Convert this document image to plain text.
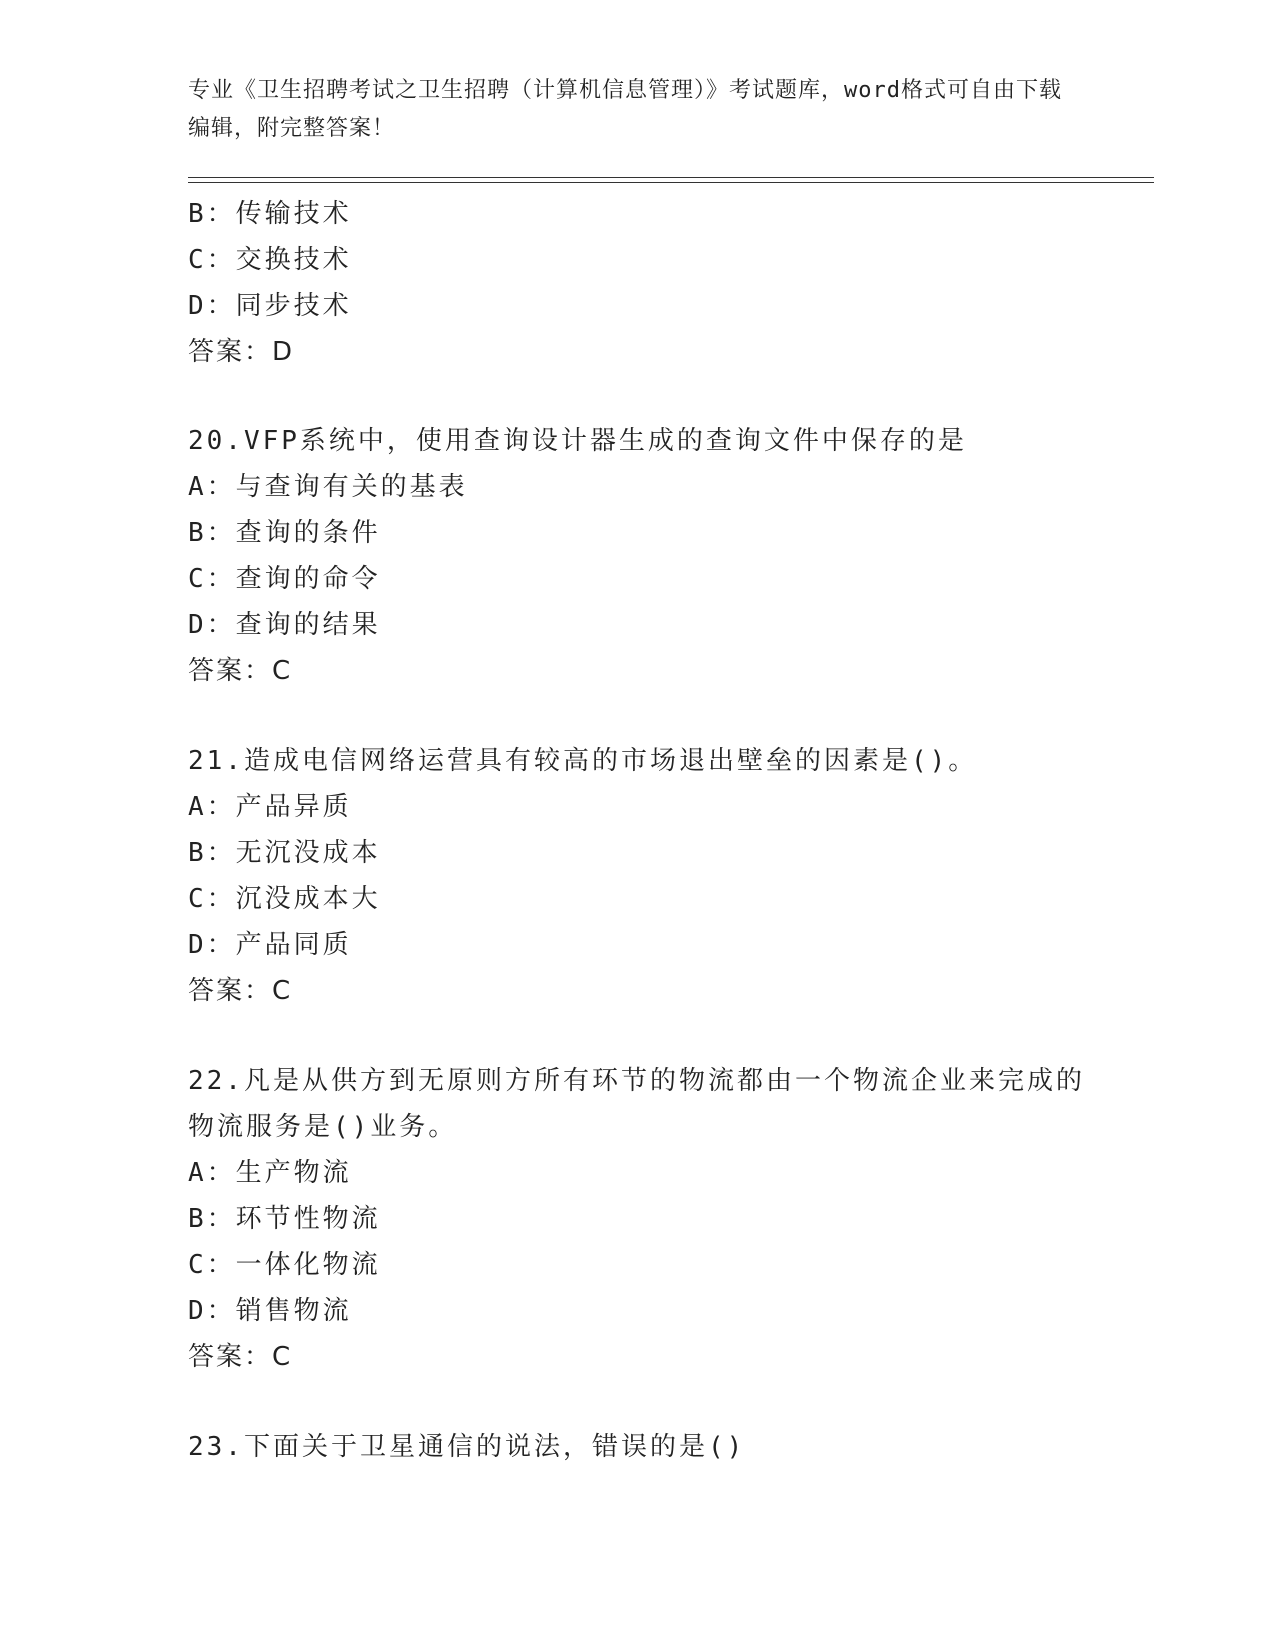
专业《卫生招聘考试之卫生招聘（计算机信息管理）》考试题库，word格式可自由下载编辑，附完整答案！
B：传输技术
C：交换技术
D：同步技术
答案：D
20.VFP系统中，使用查询设计器生成的查询文件中保存的是
A：与查询有关的基表
B：查询的条件
C：查询的命令
D：查询的结果
答案：C
21.造成电信网络运营具有较高的市场退出壁垒的因素是()。
A：产品异质
B：无沉没成本
C：沉没成本大
D：产品同质
答案：C
22.凡是从供方到无原则方所有环节的物流都由一个物流企业来完成的物流服务是()业务。
A：生产物流
B：环节性物流
C：一体化物流
D：销售物流
答案：C
23.下面关于卫星通信的说法，错误的是()
